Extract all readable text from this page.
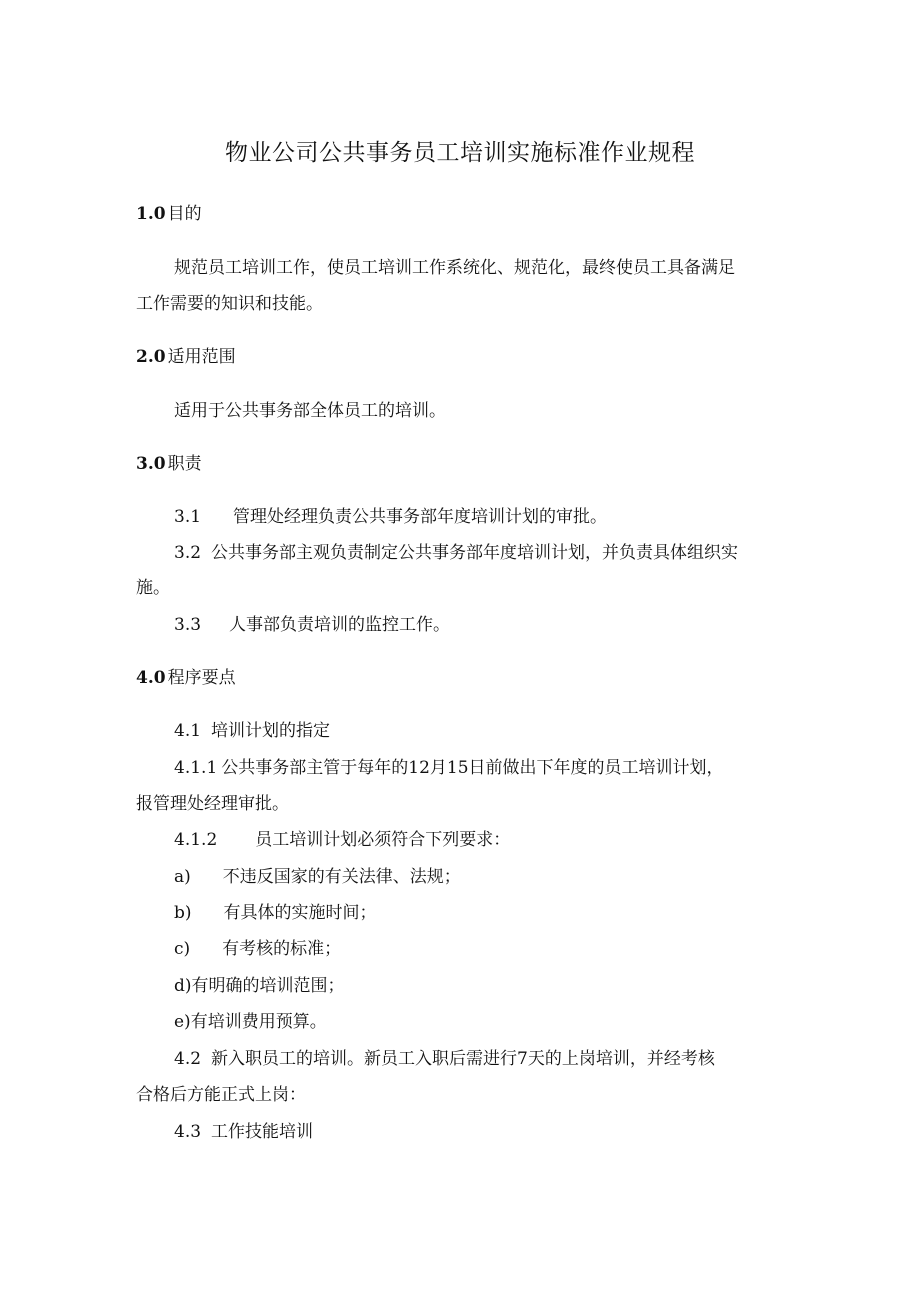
物业公司公共事务员工培训实施标准作业规程
1.0 目的
规范员工培训工作，使员工培训工作系统化、规范化，最终使员工具备满足
工作需要的知识和技能。
2.0 适用范围
适用于公共事务部全体员工的培训。
3.0 职责
3.1 管理处经理负责公共事务部年度培训计划的审批。
3.2 公共事务部主观负责制定公共事务部年度培训计划，并负责具体组织实
施。
3.3 人事部负责培训的监控工作。
4.0 程序要点
4.1 培训计划的指定
4.1.1 公共事务部主管于每年的12月15日前做出下年度的员工培训计划，
报管理处经理审批。
4.1.2 员工培训计划必须符合下列要求：
a) 不违反国家的有关法律、法规；
b) 有具体的实施时间；
c) 有考核的标准；
d)有明确的培训范围；
e)有培训费用预算。
4.2 新入职员工的培训。新员工入职后需进行7天的上岗培训，并经考核
合格后方能正式上岗：
4.3 工作技能培训
